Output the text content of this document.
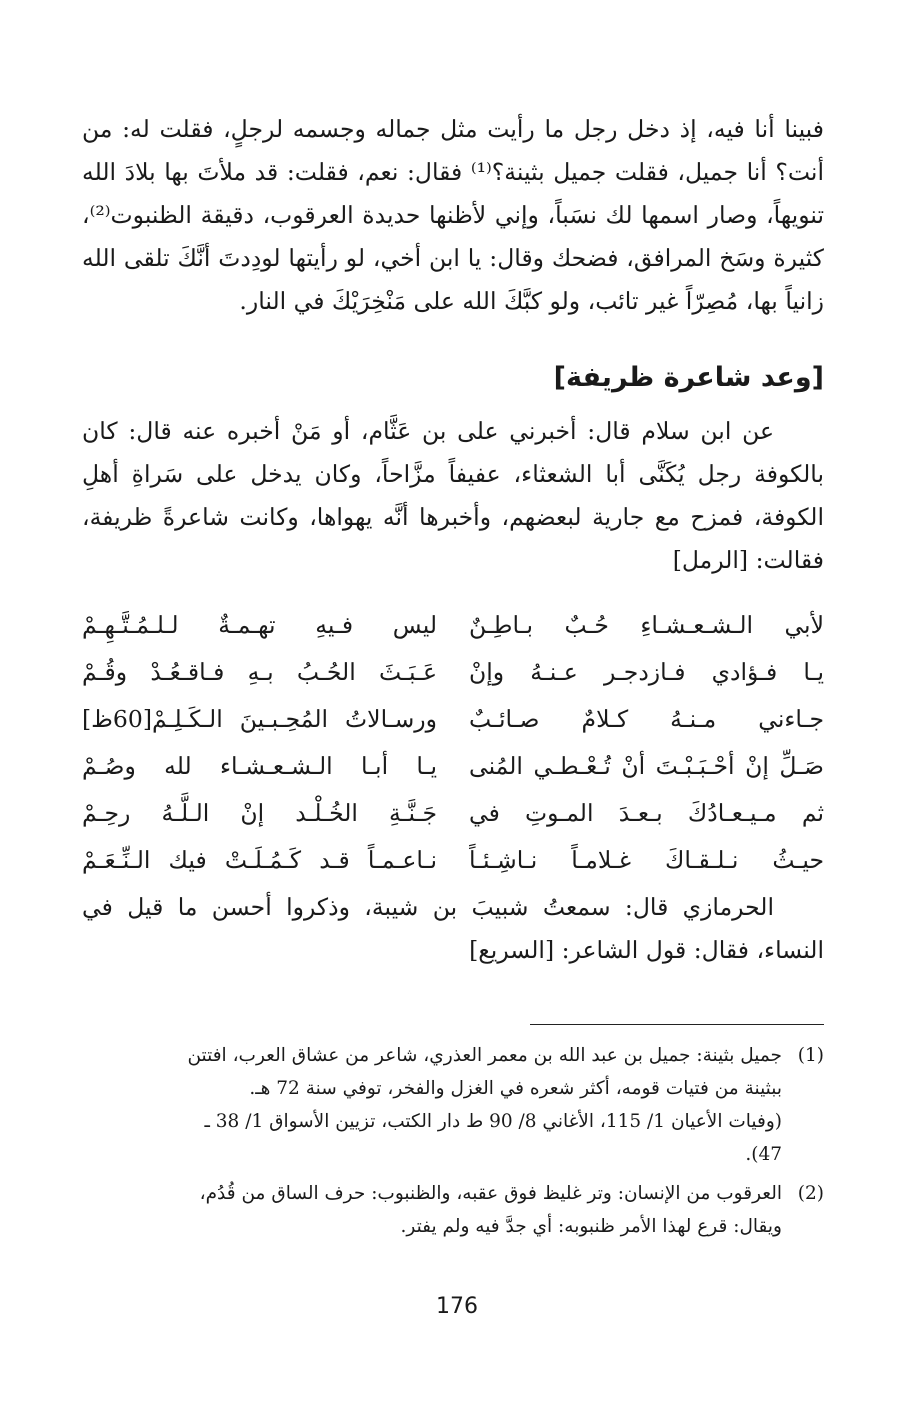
فبينا أنا فيه، إذ دخل رجل ما رأيت مثل جماله وجسمه لرجلٍ، فقلت له: من أنت؟ أنا جميل، فقلت جميل بثينة؟⁽¹⁾ فقال: نعم، فقلت: قد ملأتَ بها بلادَ الله تنويهاً، وصار اسمها لك نسَباً، وإني لأظنها حديدة العرقوب، دقيقة الظنبوت⁽²⁾، كثيرة وسَخ المرافق، فضحك وقال: يا ابن أخي، لو رأيتها لودِدتَ أنَّكَ تلقى الله زانياً بها، مُصِرّاً غير تائب، ولو كبَّكَ الله على مَنْخِرَيْكَ في النار.

[وعد شاعرة ظريفة]

عن ابن سلام قال: أخبرني على بن عَثَّام، أو مَنْ أخبره عنه قال: كان بالكوفة رجل يُكَنَّى أبا الشعثاء، عفيفاً مزَّاحاً، وكان يدخل على سَراةِ أهلِ الكوفة، فمزح مع جارية لبعضهم، وأخبرها أنَّه يهواها، وكانت شاعرةً ظريفة، فقالت: [الرمل]

لأبي الـشـعـشـاءِ حُـبٌ بـاطِـنٌ
ليس فـيهِ تهـمـةٌ لـلـمُـتَّـهِـمْ
يـا فـؤادي فـازدجـر عـنـهُ وإنْ
عَـبَـثَ الحُـبُ بـهِ فـاقـعُـدْ وقُـمْ
جـاءني مـنـهُ كـلامٌ صـائـبٌ
ورسـالاتُ المُحِـبـينَ الـكَـلِـمْ[60ظ]
صَـلِّ إنْ أحْـبَـبْـتَ أنْ تُـعْـطـي المُنى
يـا أبـا الـشـعـشـاء لله وصُـمْ
ثم مـيـعـادُكَ بـعـدَ المـوتِ في
جَـنَّـةِ الخُـلْـد إنْ الـلَّـهُ رحِـمْ
حيـثُ نـلـقـاكَ غـلامـاً نـاشِـئـاً
نـاعـمـاً قـد كَـمُـلَـتْ فيك الـنِّـعَـمْ

الحرمازي قال: سمعتُ شبيبَ بن شيبة، وذكروا أحسن ما قيل في النساء، فقال: قول الشاعر: [السريع]

(1)
جميل بثينة: جميل بن عبد الله بن معمر العذري، شاعر من عشاق العرب، افتتن
ببثينة من فتيات قومه، أكثر شعره في الغزل والفخر، توفي سنة 72 هـ.
(وفيات الأعيان 1/ 115، الأغاني 8/ 90 ط دار الكتب، تزيين الأسواق 1/ 38 ـ
47).
(2)
العرقوب من الإنسان: وتر غليظ فوق عقبه، والظنبوب: حرف الساق من قُدُم،
ويقال: قرع لهذا الأمر ظنبوبه: أي جدَّ فيه ولم يفتر.
176
